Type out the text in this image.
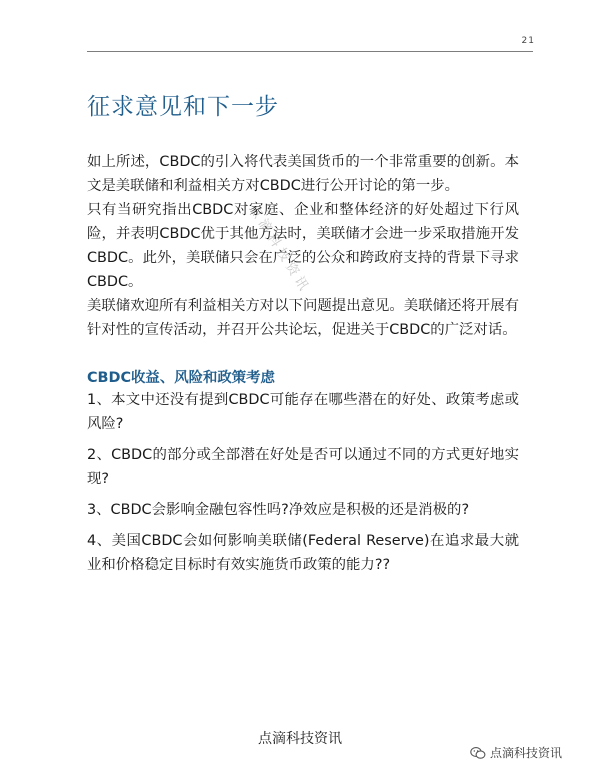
21
征求意见和下一步
点滴科技资讯

如上所述，CBDC的引入将代表美国货币的一个非常重要的创新。本文是美联储和利益相关方对CBDC进行公开讨论的第一步。

只有当研究指出CBDC对家庭、企业和整体经济的好处超过下行风险，并表明CBDC优于其他方法时，美联储才会进一步采取措施开发CBDC。此外，美联储只会在广泛的公众和跨政府支持的背景下寻求CBDC。

美联储欢迎所有利益相关方对以下问题提出意见。美联储还将开展有针对性的宣传活动，并召开公共论坛，促进关于CBDC的广泛对话。

CBDC收益、风险和政策考虑

1、本文中还没有提到CBDC可能存在哪些潜在的好处、政策考虑或风险?

2、CBDC的部分或全部潜在好处是否可以通过不同的方式更好地实现?

3、CBDC会影响金融包容性吗?净效应是积极的还是消极的?

4、美国CBDC会如何影响美联储(Federal Reserve)在追求最大就业和价格稳定目标时有效实施货币政策的能力??

点滴科技资讯
点滴科技资讯
